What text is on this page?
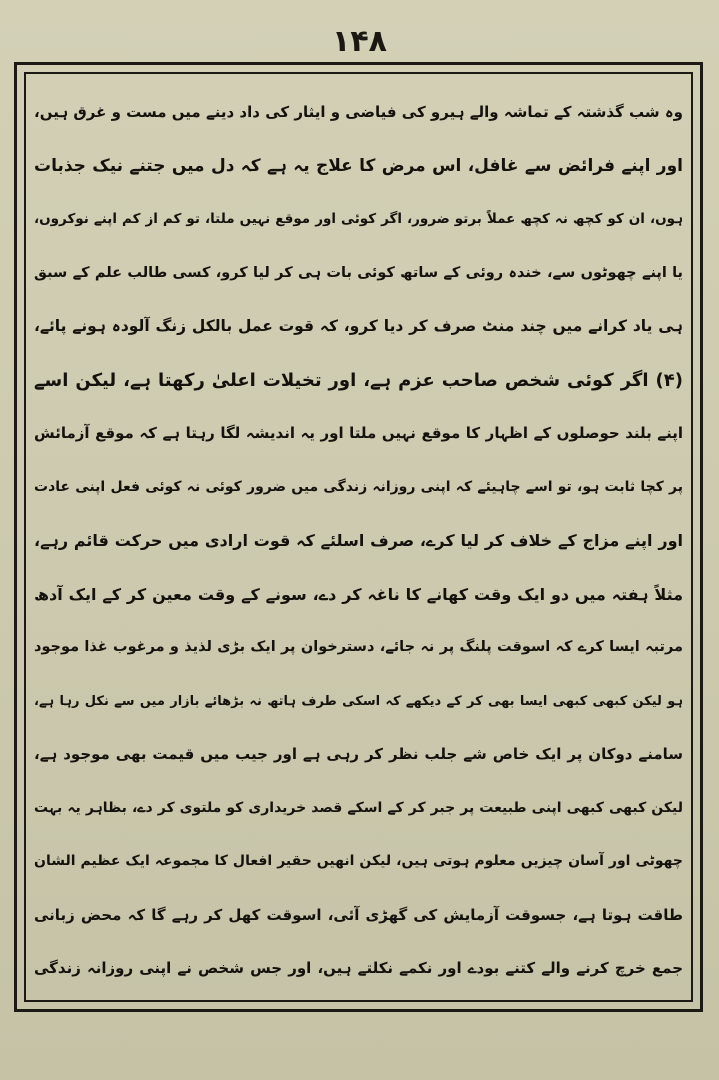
۱۴۸
وہ شب گذشتہ کے تماشہ والے ہیرو کی فیاضی و ایثار کی داد دینے میں مست و غرق ہیں،
اور اپنے فرائض سے غافل، اس مرض کا علاج یہ ہے کہ دل میں جتنے نیک جذبات
ہوں، ان کو کچھ نہ کچھ عملاً برتو ضرور، اگر کوئی اور موقع نہیں ملتا، تو کم از کم اپنے نوکروں،
یا اپنے چھوٹوں سے، خندہ روئی کے ساتھ کوئی بات ہی کر لیا کرو، کسی طالب علم کے سبق
ہی یاد کرانے میں چند منٹ صرف کر دیا کرو، کہ قوت عمل بالکل زنگ آلودہ ہونے پائے،
(۴) اگر کوئی شخص صاحب عزم ہے، اور تخیلات اعلیٰ رکھتا ہے، لیکن اسے
اپنے بلند حوصلوں کے اظہار کا موقع نہیں ملتا اور یہ اندیشہ لگا رہتا ہے کہ موقع آزمائش
پر کچا ثابت ہو، تو اسے چاہیئے کہ اپنی روزانہ زندگی میں ضرور کوئی نہ کوئی فعل اپنی عادت
اور اپنے مزاج کے خلاف کر لیا کرے، صرف اسلئے کہ قوت ارادی میں حرکت قائم رہے،
مثلاً ہفتہ میں دو ایک وقت کھانے کا ناغہ کر دے، سونے کے وقت معین کر کے ایک آدھ
مرتبہ ایسا کرے کہ اسوقت پلنگ پر نہ جائے، دسترخوان پر ایک بڑی لذیذ و مرغوب غذا موجود
ہو لیکن کبھی کبھی ایسا بھی کر کے دیکھے کہ اسکی طرف ہاتھ نہ بڑھائے بازار میں سے نکل رہا ہے،
سامنے دوکان پر ایک خاص شے جلب نظر کر رہی ہے اور جیب میں قیمت بھی موجود ہے،
لیکن کبھی کبھی اپنی طبیعت پر جبر کر کے اسکے قصد خریداری کو ملتوی کر دے، بظاہر یہ بہت
چھوٹی اور آسان چیزیں معلوم ہوتی ہیں، لیکن انھیں حقیر افعال کا مجموعہ ایک عظیم الشان
طاقت ہوتا ہے، جسوقت آزمایش کی گھڑی آئی، اسوقت کھل کر رہے گا کہ محض زبانی
جمع خرچ کرنے والے کتنے بودے اور نکمے نکلتے ہیں، اور جس شخص نے اپنی روزانہ زندگی
